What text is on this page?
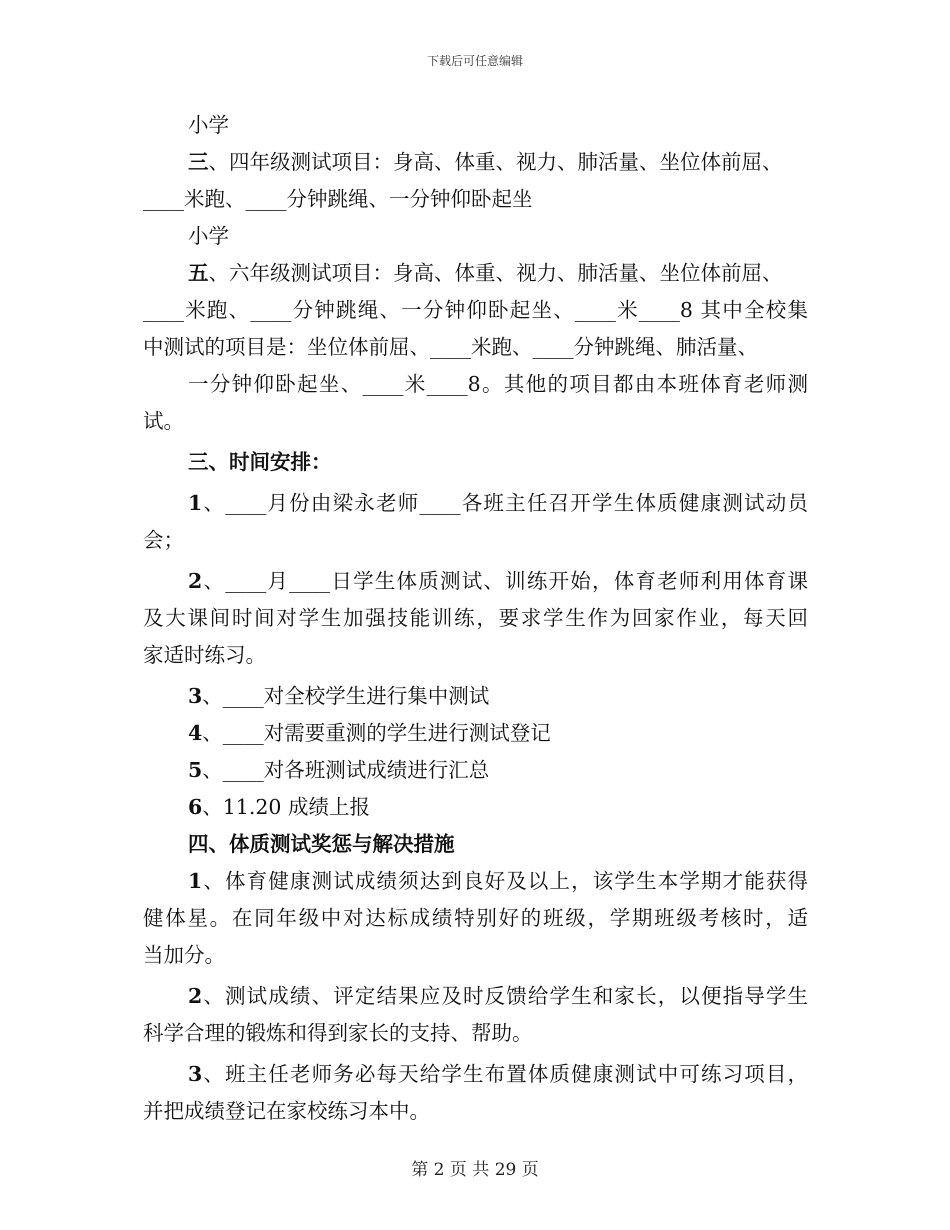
下载后可任意编辑
小学
三、四年级测试项目：身高、体重、视力、肺活量、坐位体前屈、
____米跑、____分钟跳绳、一分钟仰卧起坐
小学
五、六年级测试项目：身高、体重、视力、肺活量、坐位体前屈、
____米跑、____分钟跳绳、一分钟仰卧起坐、____米____8 其中全校集
中测试的项目是：坐位体前屈、____米跑、____分钟跳绳、肺活量、
一分钟仰卧起坐、____米____8。其他的项目都由本班体育老师测
试。
三、时间安排：
1、____月份由梁永老师____各班主任召开学生体质健康测试动员
会；
2、____月____日学生体质测试、训练开始，体育老师利用体育课
及大课间时间对学生加强技能训练，要求学生作为回家作业，每天回
家适时练习。
3、____对全校学生进行集中测试
4、____对需要重测的学生进行测试登记
5、____对各班测试成绩进行汇总
6、11.20 成绩上报
四、体质测试奖惩与解决措施
1、体育健康测试成绩须达到良好及以上，该学生本学期才能获得
健体星。在同年级中对达标成绩特别好的班级，学期班级考核时，适
当加分。
2、测试成绩、评定结果应及时反馈给学生和家长，以便指导学生
科学合理的锻炼和得到家长的支持、帮助。
3、班主任老师务必每天给学生布置体质健康测试中可练习项目，
并把成绩登记在家校练习本中。
第 2 页 共 29 页
